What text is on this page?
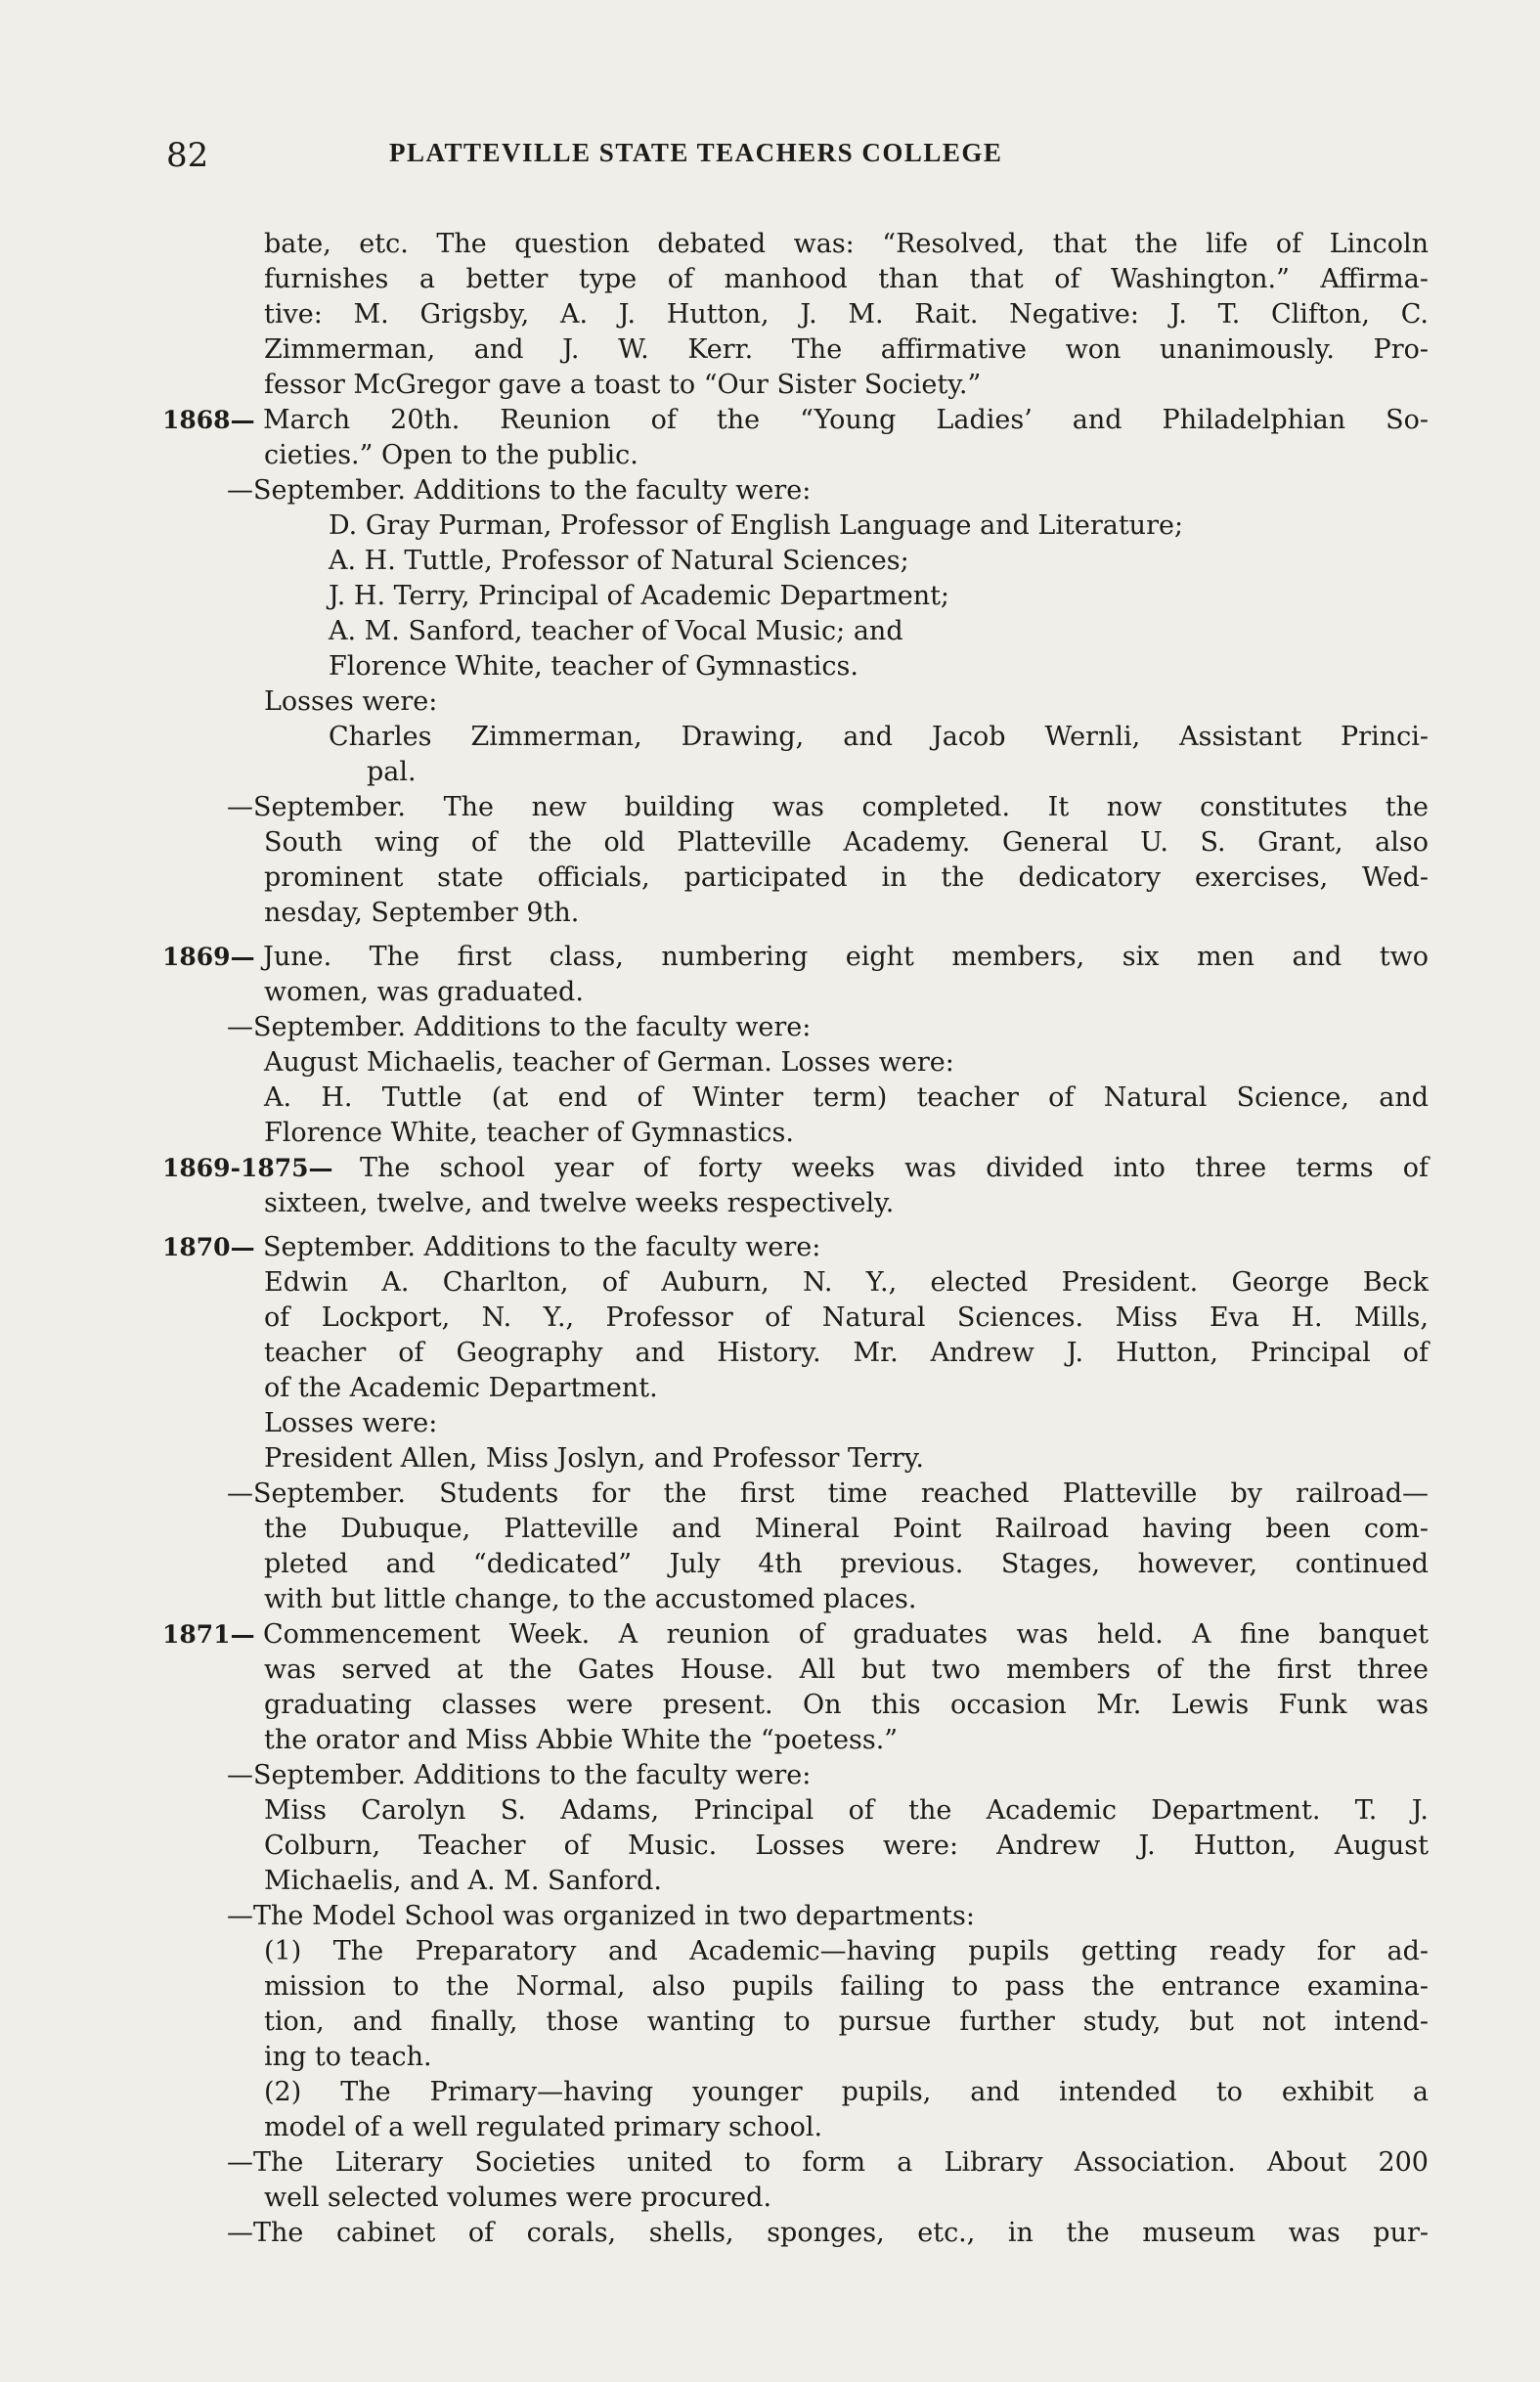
82	PLATTEVILLE STATE TEACHERS COLLEGE
bate, etc. The question debated was: “Resolved, that the life of Lincoln
furnishes a better type of manhood than that of Washington.” Affirma-
tive: M. Grigsby, A. J. Hutton, J. M. Rait. Negative: J. T. Clifton, C.
Zimmerman, and J. W. Kerr. The affirmative won unanimously. Pro-
fessor McGregor gave a toast to “Our Sister Society.”
1868— March 20th. Reunion of the “Young Ladies’ and Philadelphian So-
cieties.” Open to the public.
—September. Additions to the faculty were:
D. Gray Purman, Professor of English Language and Literature;
A. H. Tuttle, Professor of Natural Sciences;
J. H. Terry, Principal of Academic Department;
A. M. Sanford, teacher of Vocal Music; and
Florence White, teacher of Gymnastics.
Losses were:
Charles Zimmerman, Drawing, and Jacob Wernli, Assistant Princi-
pal.
—September. The new building was completed. It now constitutes the
South wing of the old Platteville Academy. General U. S. Grant, also
prominent state officials, participated in the dedicatory exercises, Wed-
nesday, September 9th.
1869— June. The first class, numbering eight members, six men and two
women, was graduated.
—September. Additions to the faculty were:
August Michaelis, teacher of German. Losses were:
A. H. Tuttle (at end of Winter term) teacher of Natural Science, and
Florence White, teacher of Gymnastics.
1869-1875— The school year of forty weeks was divided into three terms of
sixteen, twelve, and twelve weeks respectively.
1870— September. Additions to the faculty were:
Edwin A. Charlton, of Auburn, N. Y., elected President. George Beck
of Lockport, N. Y., Professor of Natural Sciences. Miss Eva H. Mills,
teacher of Geography and History. Mr. Andrew J. Hutton, Principal of
of the Academic Department.
Losses were:
President Allen, Miss Joslyn, and Professor Terry.
—September. Students for the first time reached Platteville by railroad—
the Dubuque, Platteville and Mineral Point Railroad having been com-
pleted and “dedicated” July 4th previous. Stages, however, continued
with but little change, to the accustomed places.
1871— Commencement Week. A reunion of graduates was held. A fine banquet
was served at the Gates House. All but two members of the first three
graduating classes were present. On this occasion Mr. Lewis Funk was
the orator and Miss Abbie White the “poetess.”
—September. Additions to the faculty were:
Miss Carolyn S. Adams, Principal of the Academic Department. T. J.
Colburn, Teacher of Music. Losses were: Andrew J. Hutton, August
Michaelis, and A. M. Sanford.
—The Model School was organized in two departments:
(1) The Preparatory and Academic—having pupils getting ready for ad-
mission to the Normal, also pupils failing to pass the entrance examina-
tion, and finally, those wanting to pursue further study, but not intend-
ing to teach.
(2) The Primary—having younger pupils, and intended to exhibit a
model of a well regulated primary school.
—The Literary Societies united to form a Library Association. About 200
well selected volumes were procured.
—The cabinet of corals, shells, sponges, etc., in the museum was pur-
